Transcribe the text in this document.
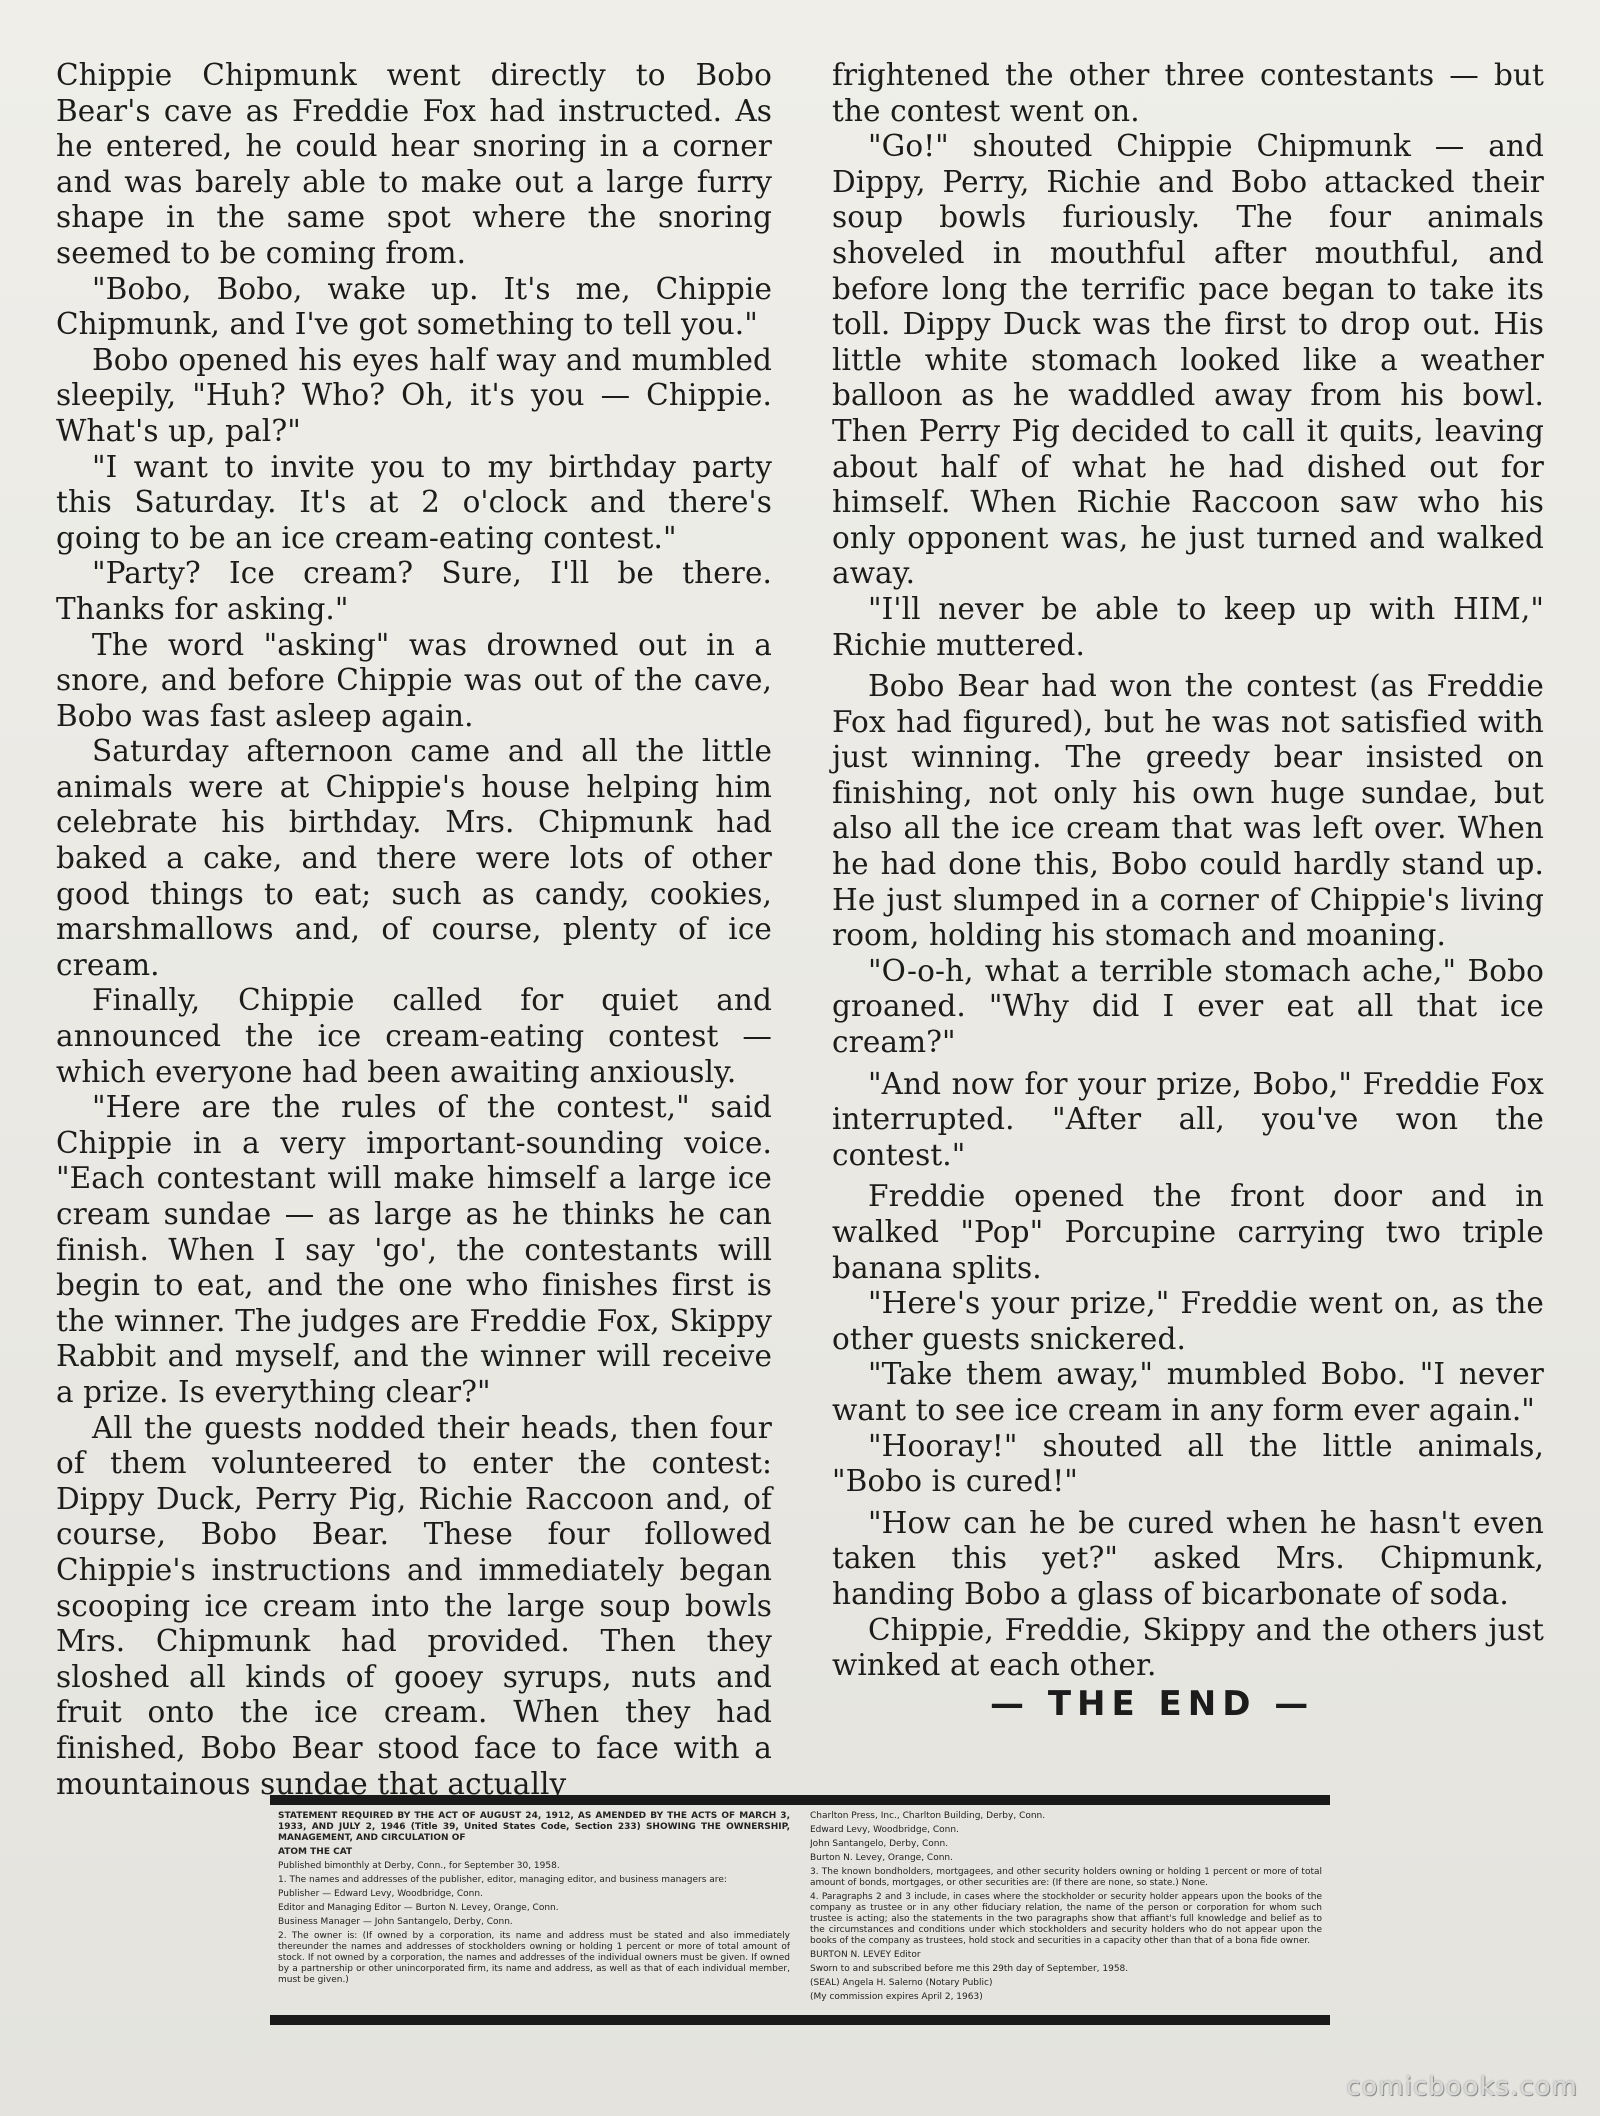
Chippie Chipmunk went directly to Bobo Bear's cave as Freddie Fox had instructed. As he entered, he could hear snoring in a corner and was barely able to make out a large furry shape in the same spot where the snoring seemed to be coming from.

"Bobo, Bobo, wake up. It's me, Chippie Chipmunk, and I've got something to tell you."

Bobo opened his eyes half way and mumbled sleepily, "Huh? Who? Oh, it's you — Chippie. What's up, pal?"

"I want to invite you to my birthday party this Saturday. It's at 2 o'clock and there's going to be an ice cream-eating contest."

"Party? Ice cream? Sure, I'll be there. Thanks for asking."

The word "asking" was drowned out in a snore, and before Chippie was out of the cave, Bobo was fast asleep again.

Saturday afternoon came and all the little animals were at Chippie's house helping him celebrate his birthday. Mrs. Chipmunk had baked a cake, and there were lots of other good things to eat; such as candy, cookies, marshmallows and, of course, plenty of ice cream.

Finally, Chippie called for quiet and announced the ice cream-eating contest — which everyone had been awaiting anxiously.

"Here are the rules of the contest," said Chippie in a very important-sounding voice. "Each contestant will make himself a large ice cream sundae — as large as he thinks he can finish. When I say 'go', the contestants will begin to eat, and the one who finishes first is the winner. The judges are Freddie Fox, Skippy Rabbit and myself, and the winner will receive a prize. Is everything clear?"

All the guests nodded their heads, then four of them volunteered to enter the contest: Dippy Duck, Perry Pig, Richie Raccoon and, of course, Bobo Bear. These four followed Chippie's instructions and immediately began scooping ice cream into the large soup bowls Mrs. Chipmunk had provided. Then they sloshed all kinds of gooey syrups, nuts and fruit onto the ice cream. When they had finished, Bobo Bear stood face to face with a mountainous sundae that actually

frightened the other three contestants — but the contest went on.

"Go!" shouted Chippie Chipmunk — and Dippy, Perry, Richie and Bobo attacked their soup bowls furiously. The four animals shoveled in mouthful after mouthful, and before long the terrific pace began to take its toll. Dippy Duck was the first to drop out. His little white stomach looked like a weather balloon as he waddled away from his bowl. Then Perry Pig decided to call it quits, leaving about half of what he had dished out for himself. When Richie Raccoon saw who his only opponent was, he just turned and walked away.

"I'll never be able to keep up with HIM," Richie muttered.

Bobo Bear had won the contest (as Freddie Fox had figured), but he was not satisfied with just winning. The greedy bear insisted on finishing, not only his own huge sundae, but also all the ice cream that was left over. When he had done this, Bobo could hardly stand up. He just slumped in a corner of Chippie's living room, holding his stomach and moaning.

"O-o-h, what a terrible stomach ache," Bobo groaned. "Why did I ever eat all that ice cream?"

"And now for your prize, Bobo," Freddie Fox interrupted. "After all, you've won the contest."

Freddie opened the front door and in walked "Pop" Porcupine carrying two triple banana splits.

"Here's your prize," Freddie went on, as the other guests snickered.

"Take them away," mumbled Bobo. "I never want to see ice cream in any form ever again."

"Hooray!" shouted all the little animals, "Bobo is cured!"

"How can he be cured when he hasn't even taken this yet?" asked Mrs. Chipmunk, handing Bobo a glass of bicarbonate of soda.

Chippie, Freddie, Skippy and the others just winked at each other.

— THE END —

STATEMENT REQUIRED BY THE ACT OF AUGUST 24, 1912, AS AMENDED BY THE ACTS OF MARCH 3, 1933, AND JULY 2, 1946 (Title 39, United States Code, Section 233) SHOWING THE OWNERSHIP, MANAGEMENT, AND CIRCULATION OF

ATOM THE CAT

Published bimonthly at Derby, Conn., for September 30, 1958.

1. The names and addresses of the publisher, editor, managing editor, and business managers are:

Publisher — Edward Levy, Woodbridge, Conn.

Editor and Managing Editor — Burton N. Levey, Orange, Conn.

Business Manager — John Santangelo, Derby, Conn.

2. The owner is: (If owned by a corporation, its name and address must be stated and also immediately thereunder the names and addresses of stockholders owning or holding 1 percent or more of total amount of stock. If not owned by a corporation, the names and addresses of the individual owners must be given. If owned by a partnership or other unincorporated firm, its name and address, as well as that of each individual member, must be given.)

Charlton Press, Inc., Charlton Building, Derby, Conn.

Edward Levy, Woodbridge, Conn.

John Santangelo, Derby, Conn.

Burton N. Levey, Orange, Conn.

3. The known bondholders, mortgagees, and other security holders owning or holding 1 percent or more of total amount of bonds, mortgages, or other securities are: (If there are none, so state.) None.

4. Paragraphs 2 and 3 include, in cases where the stockholder or security holder appears upon the books of the company as trustee or in any other fiduciary relation, the name of the person or corporation for whom such trustee is acting; also the statements in the two paragraphs show that affiant's full knowledge and belief as to the circumstances and conditions under which stockholders and security holders who do not appear upon the books of the company as trustees, hold stock and securities in a capacity other than that of a bona fide owner.

BURTON N. LEVEY Editor

Sworn to and subscribed before me this 29th day of September, 1958.

(SEAL) Angela H. Salerno (Notary Public)

(My commission expires April 2, 1963)

comicbooks.com
